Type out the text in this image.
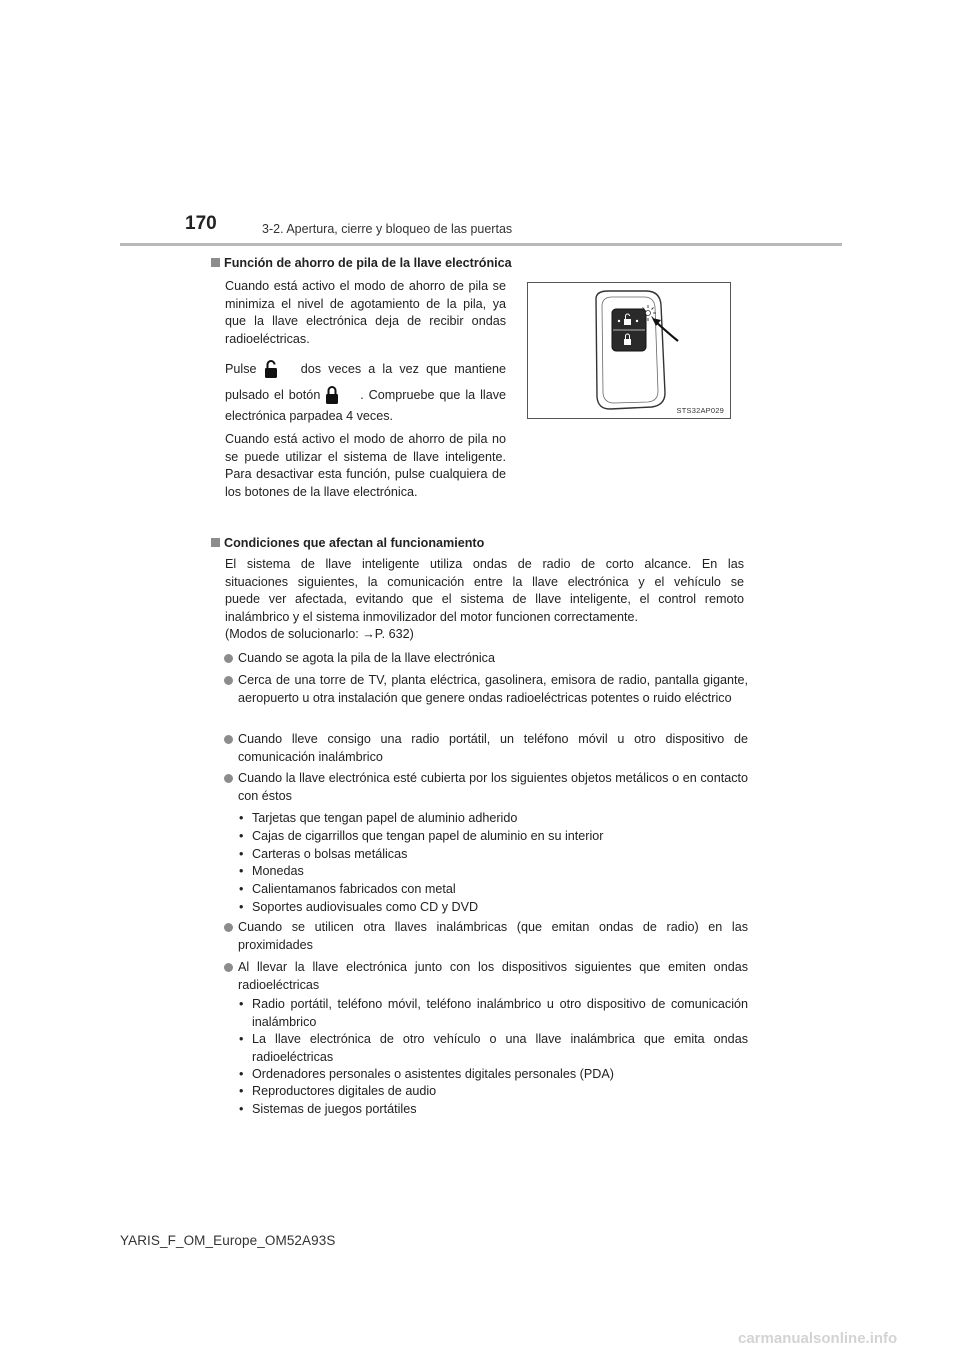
170	3-2. Apertura, cierre y bloqueo de las puertas
Función de ahorro de pila de la llave electrónica
Cuando está activo el modo de ahorro de pila se minimiza el nivel de agotamiento de la pila, ya que la llave electrónica deja de recibir ondas radioeléctricas.
Pulse	dos veces a la vez que mantiene
pulsado el botón	. Compruebe que la llave
electrónica parpadea 4 veces.
Cuando está activo el modo de ahorro de pila no se puede utilizar el sistema de llave inteligente. Para desactivar esta función, pulse cualquiera de los botones de la llave electrónica.
STS32AP029
Condiciones que afectan al funcionamiento
El sistema de llave inteligente utiliza ondas de radio de corto alcance. En las
situaciones siguientes, la comunicación entre la llave electrónica y el vehículo se
puede ver afectada, evitando que el sistema de llave inteligente, el control remoto
inalámbrico y el sistema inmovilizador del motor funcionen correctamente.
(Modos de solucionarlo: →P. 632)
Cuando se agota la pila de la llave electrónica
Cerca de una torre de TV, planta eléctrica, gasolinera, emisora de radio, pantalla gigante, aeropuerto u otra instalación que genere ondas radioeléctricas potentes o ruido eléctrico
Cuando lleve consigo una radio portátil, un teléfono móvil u otro dispositivo de comunicación inalámbrico
Cuando la llave electrónica esté cubierta por los siguientes objetos metálicos o en contacto con éstos
• Tarjetas que tengan papel de aluminio adherido
• Cajas de cigarrillos que tengan papel de aluminio en su interior
• Carteras o bolsas metálicas
• Monedas
• Calientamanos fabricados con metal
• Soportes audiovisuales como CD y DVD
Cuando se utilicen otra llaves inalámbricas (que emitan ondas de radio) en las proximidades
Al llevar la llave electrónica junto con los dispositivos siguientes que emiten ondas radioeléctricas
• Radio portátil, teléfono móvil, teléfono inalámbrico u otro dispositivo de comunicación inalámbrico
• La llave electrónica de otro vehículo o una llave inalámbrica que emita ondas radioeléctricas
• Ordenadores personales o asistentes digitales personales (PDA)
• Reproductores digitales de audio
• Sistemas de juegos portátiles
YARIS_F_OM_Europe_OM52A93S
carmanualsonline.info
